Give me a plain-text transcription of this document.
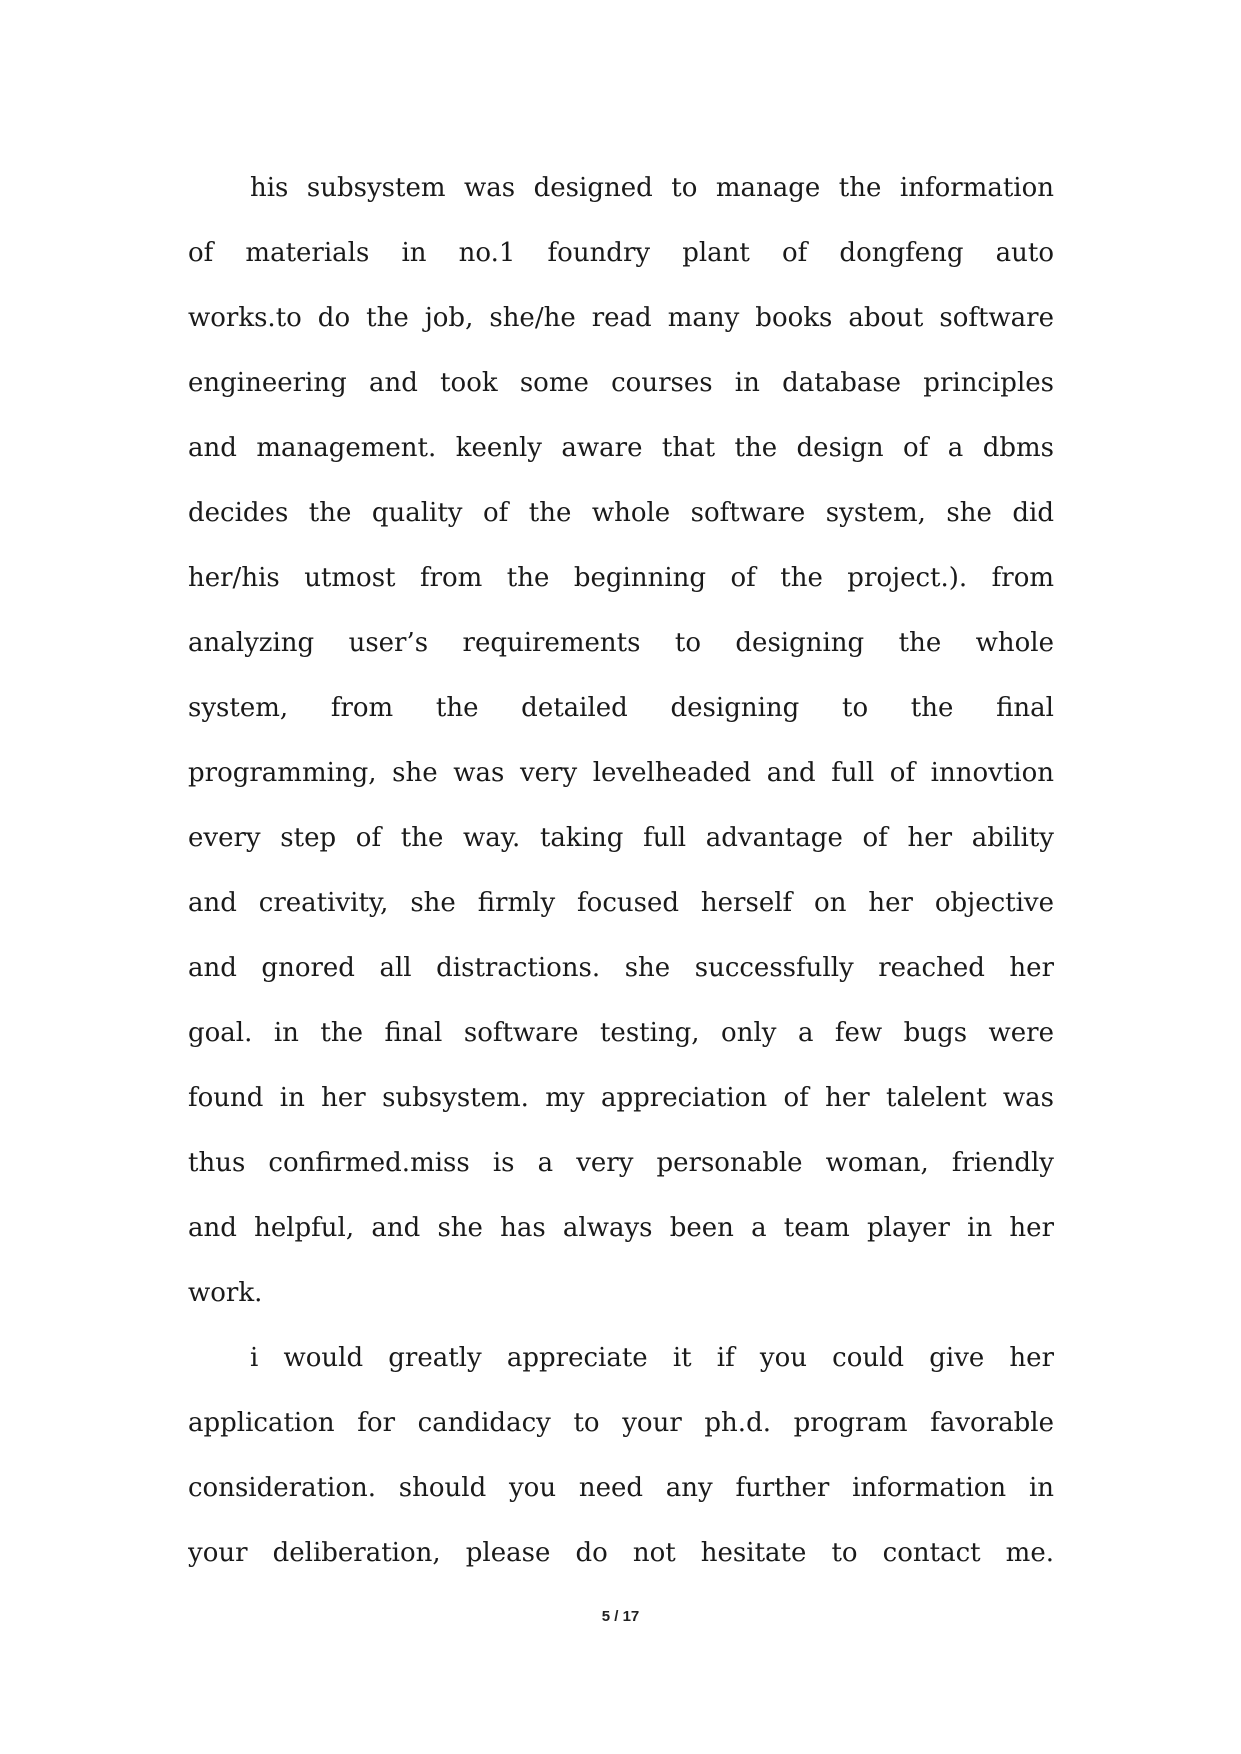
his subsystem was designed to manage the information
of materials in no.1 foundry plant of dongfeng auto
works.to do the job, she/he read many books about software
engineering and took some courses in database principles
and management. keenly aware that the design of a dbms
decides the quality of the whole software system, she did
her/his utmost from the beginning of the project.). from
analyzing user’s requirements to designing the whole
system, from the detailed designing to the final
programming, she was very levelheaded and full of innovtion
every step of the way. taking full advantage of her ability
and creativity, she firmly focused herself on her objective
and gnored all distractions. she successfully reached her
goal. in the final software testing, only a few bugs were
found in her subsystem. my appreciation of her talelent was
thus confirmed.miss is a very personable woman, friendly
and helpful, and she has always been a team player in her
work.

i would greatly appreciate it if you could give her
application for candidacy to your ph.d. program favorable
consideration. should you need any further information in
your deliberation, please do not hesitate to contact me.

5 / 17
